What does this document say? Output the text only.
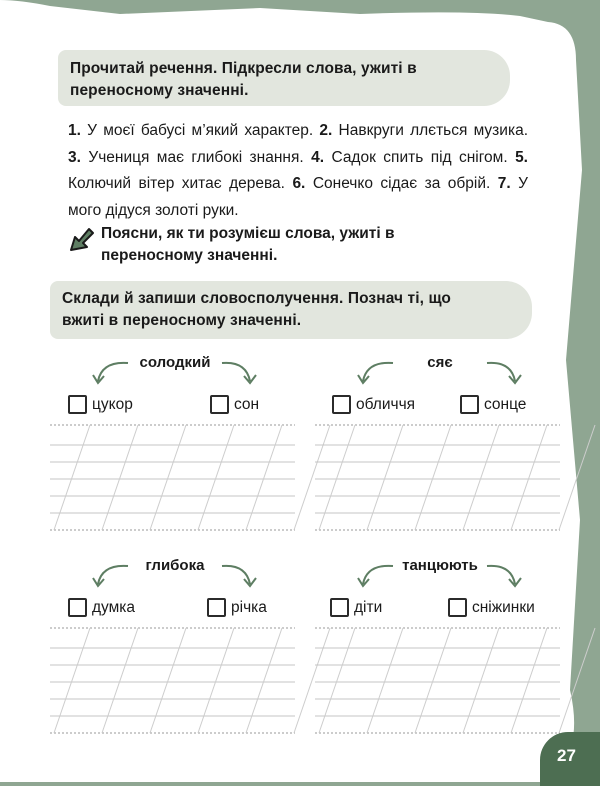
Прочитай речення. Підкресли слова, ужиті в переносному значенні.
1. У моєї бабусі м’який характер. 2. Навкруги ллється музика. 3. Учениця має глибокі знання. 4. Садок спить під снігом. 5. Колючий вітер хитає дерева. 6. Сонечко сідає за обрій. 7. У мого дідуся золоті руки.
Поясни, як ти розумієш слова, ужиті в переносному значенні.
Склади й запиши словосполучення. Познач ті, що вжиті в переносному значенні.
солодкий
цукор	сон
сяє
обличчя	сонце
глибока
думка	річка
танцюють
діти	сніжинки
27
